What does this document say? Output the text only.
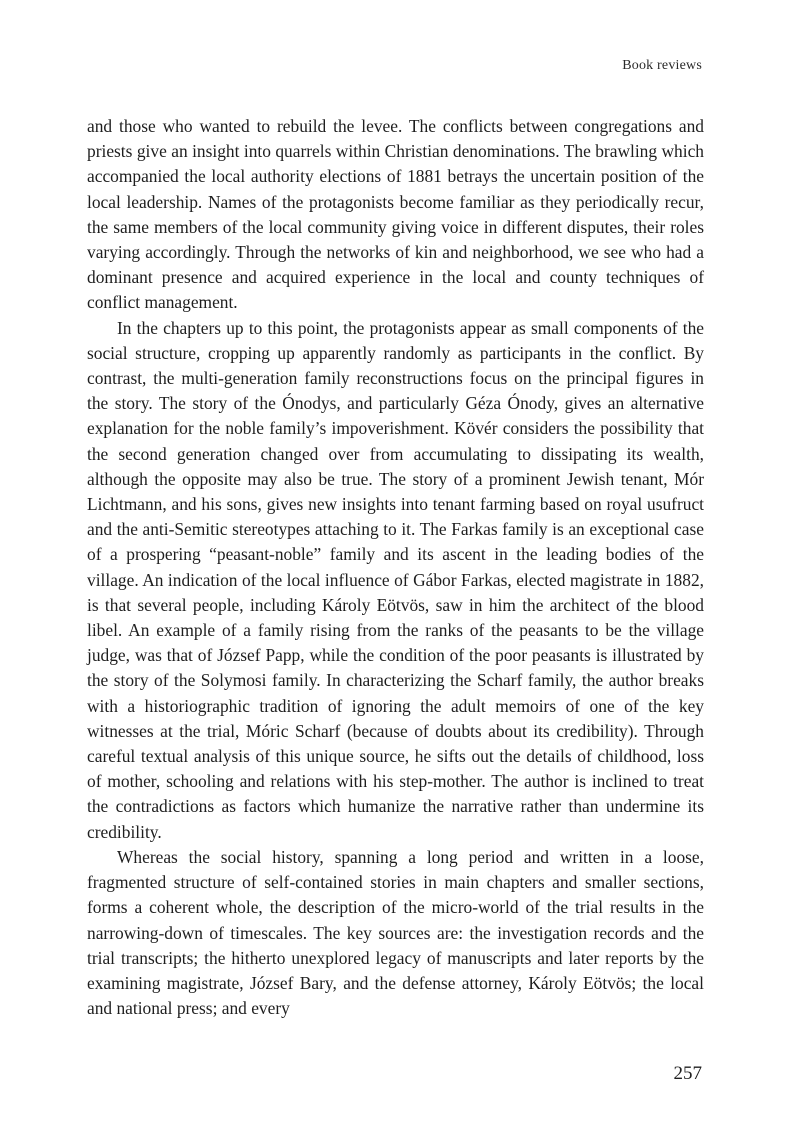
Book reviews

and those who wanted to rebuild the levee. The conflicts between congregations and priests give an insight into quarrels within Christian denominations. The brawling which accompanied the local authority elections of 1881 betrays the uncertain position of the local leadership. Names of the protagonists become familiar as they periodically recur, the same members of the local community giving voice in different disputes, their roles varying accordingly. Through the networks of kin and neighborhood, we see who had a dominant presence and acquired experience in the local and county techniques of conflict management.

In the chapters up to this point, the protagonists appear as small components of the social structure, cropping up apparently randomly as participants in the conflict. By contrast, the multi-generation family reconstructions focus on the principal figures in the story. The story of the Ónodys, and particularly Géza Ónody, gives an alternative explanation for the noble family’s impoverishment. Kövér considers the possibility that the second generation changed over from accumulating to dissipating its wealth, although the opposite may also be true. The story of a prominent Jewish tenant, Mór Lichtmann, and his sons, gives new insights into tenant farming based on royal usufruct and the anti-Semitic stereotypes attaching to it. The Farkas family is an exceptional case of a prospering “peasant-noble” family and its ascent in the leading bodies of the village. An indication of the local influence of Gábor Farkas, elected magistrate in 1882, is that several people, including Károly Eötvös, saw in him the architect of the blood libel. An example of a family rising from the ranks of the peasants to be the village judge, was that of József Papp, while the condition of the poor peasants is illustrated by the story of the Solymosi family. In characterizing the Scharf family, the author breaks with a historiographic tradition of ignoring the adult memoirs of one of the key witnesses at the trial, Móric Scharf (because of doubts about its credibility). Through careful textual analysis of this unique source, he sifts out the details of childhood, loss of mother, schooling and relations with his step-mother. The author is inclined to treat the contradictions as factors which humanize the narrative rather than undermine its credibility.

Whereas the social history, spanning a long period and written in a loose, fragmented structure of self-contained stories in main chapters and smaller sections, forms a coherent whole, the description of the micro-world of the trial results in the narrowing-down of timescales. The key sources are: the investigation records and the trial transcripts; the hitherto unexplored legacy of manuscripts and later reports by the examining magistrate, József Bary, and the defense attorney, Károly Eötvös; the local and national press; and every

257
